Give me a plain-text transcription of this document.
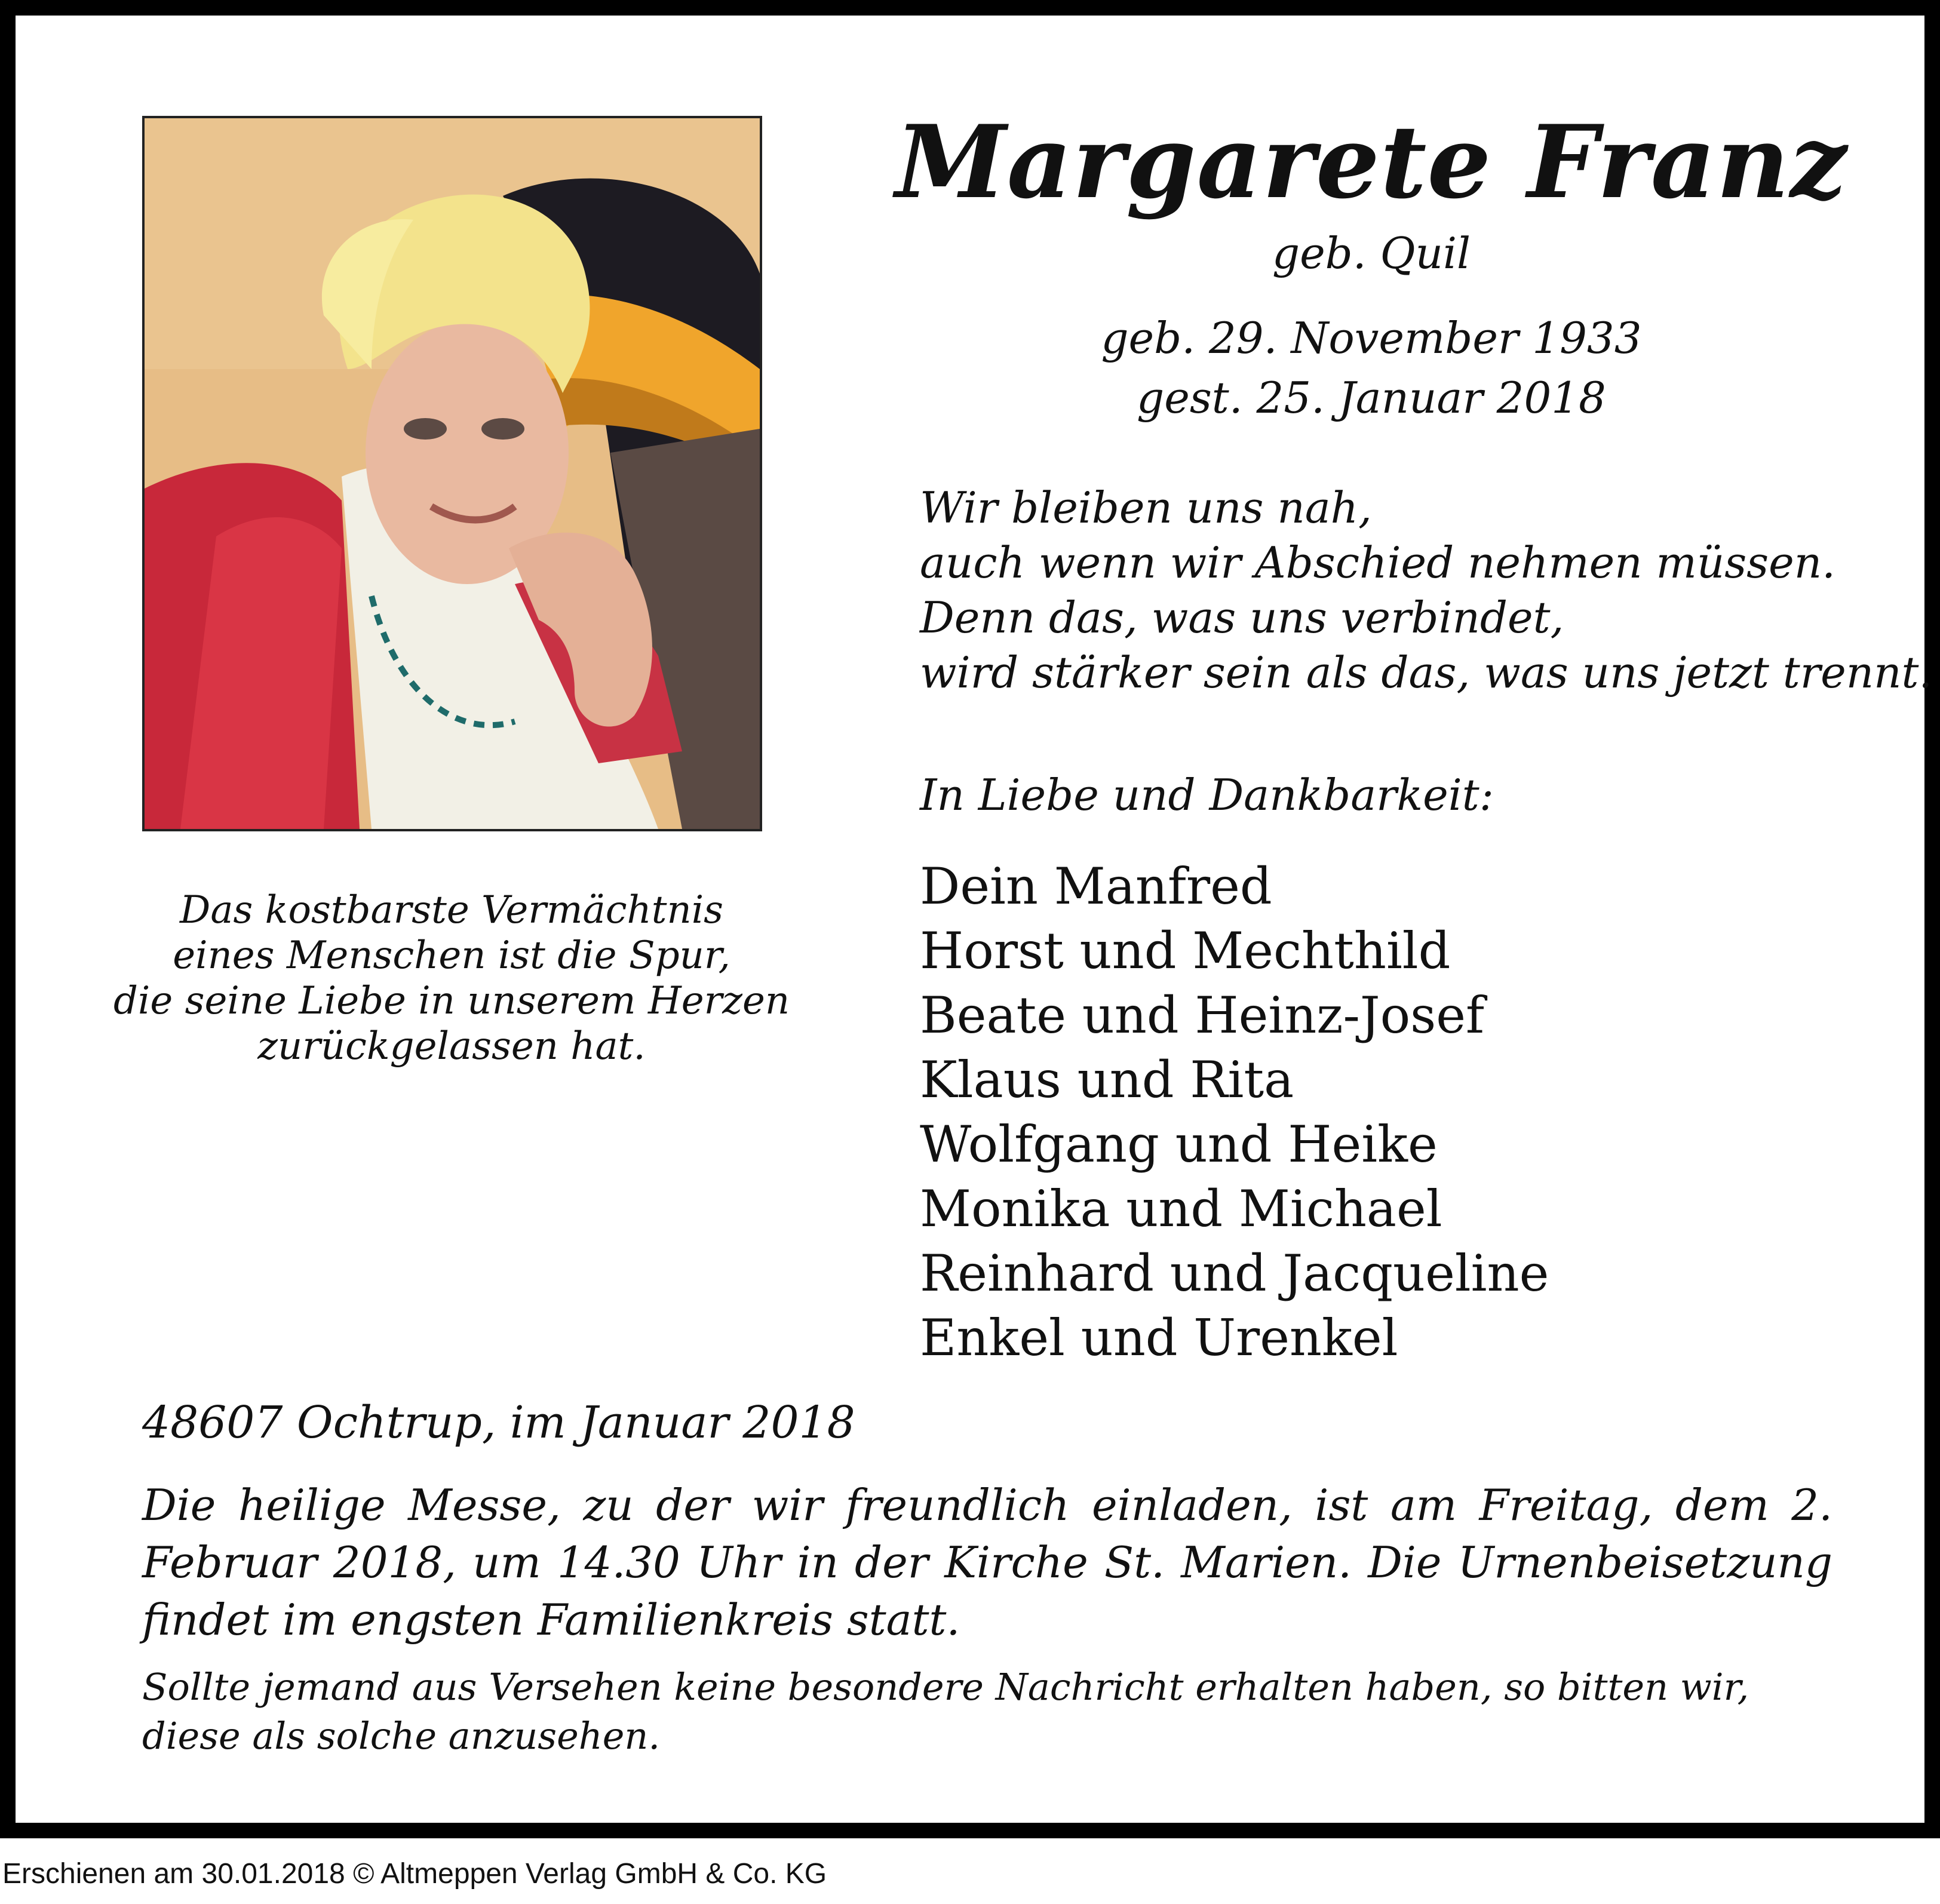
Margarete Franz
geb. Quil
geb. 29. November 1933
gest. 25. Januar 2018
Wir bleiben uns nah,
auch wenn wir Abschied nehmen müssen.
Denn das, was uns verbindet,
wird stärker sein als das, was uns jetzt trennt.
In Liebe und Dankbarkeit:
Dein Manfred
Horst und Mechthild
Beate und Heinz-Josef
Klaus und Rita
Wolfgang und Heike
Monika und Michael
Reinhard und Jacqueline
Enkel und Urenkel
Das kostbarste Vermächtnis
eines Menschen ist die Spur,
die seine Liebe in unserem Herzen
zurückgelassen hat.
48607 Ochtrup, im Januar 2018
Die heilige Messe, zu der wir freundlich einladen, ist am Freitag, dem 2. Februar 2018, um 14.30 Uhr in der Kirche St. Marien. Die Urnenbeisetzung findet im engsten Familienkreis statt.
Sollte jemand aus Versehen keine besondere Nachricht erhalten haben, so bitten wir, diese als solche anzusehen.
Erschienen am 30.01.2018 © Altmeppen Verlag GmbH & Co. KG
